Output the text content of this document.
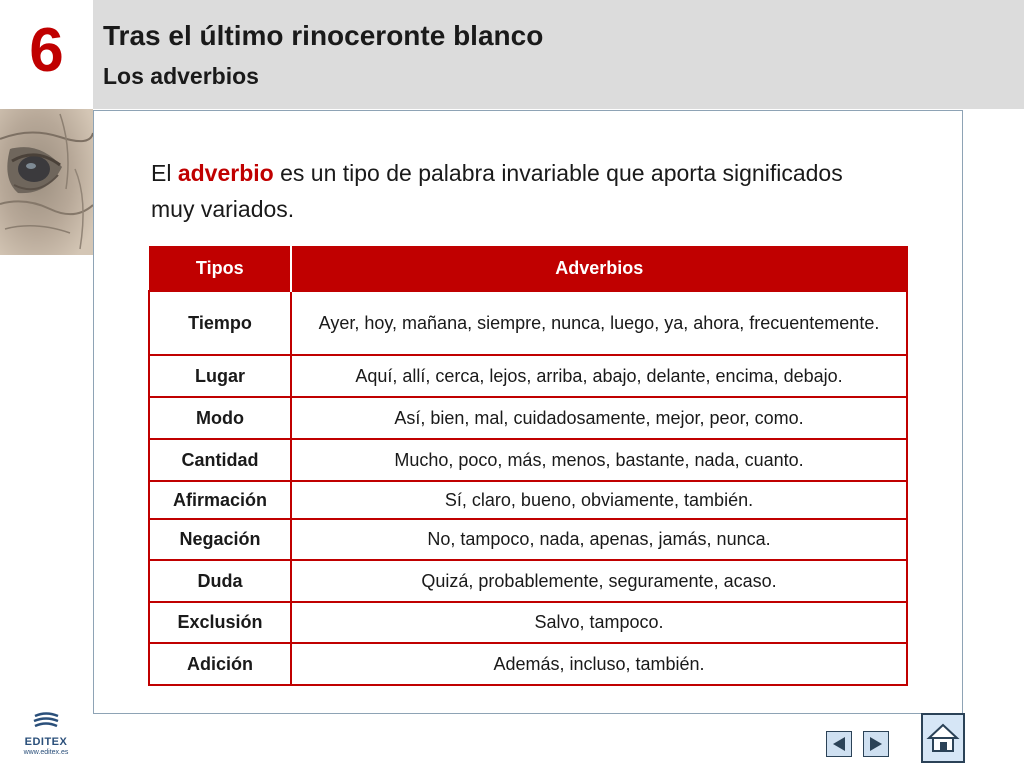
6 Tras el último rinoceronte blanco
Los adverbios
El adverbio es un tipo de palabra invariable que aporta significados muy variados.
Tipos	Adverbios
Tiempo	Ayer, hoy, mañana, siempre, nunca, luego, ya, ahora, frecuentemente.
Lugar	Aquí, allí, cerca, lejos, arriba, abajo, delante, encima, debajo.
Modo	Así, bien, mal, cuidadosamente, mejor, peor, como.
Cantidad	Mucho, poco, más, menos, bastante, nada, cuanto.
Afirmación	Sí, claro, bueno, obviamente, también.
Negación	No, tampoco, nada, apenas, jamás, nunca.
Duda	Quizá, probablemente, seguramente, acaso.
Exclusión	Salvo, tampoco.
Adición	Además, incluso, también.
EDITEX
www.editex.es
